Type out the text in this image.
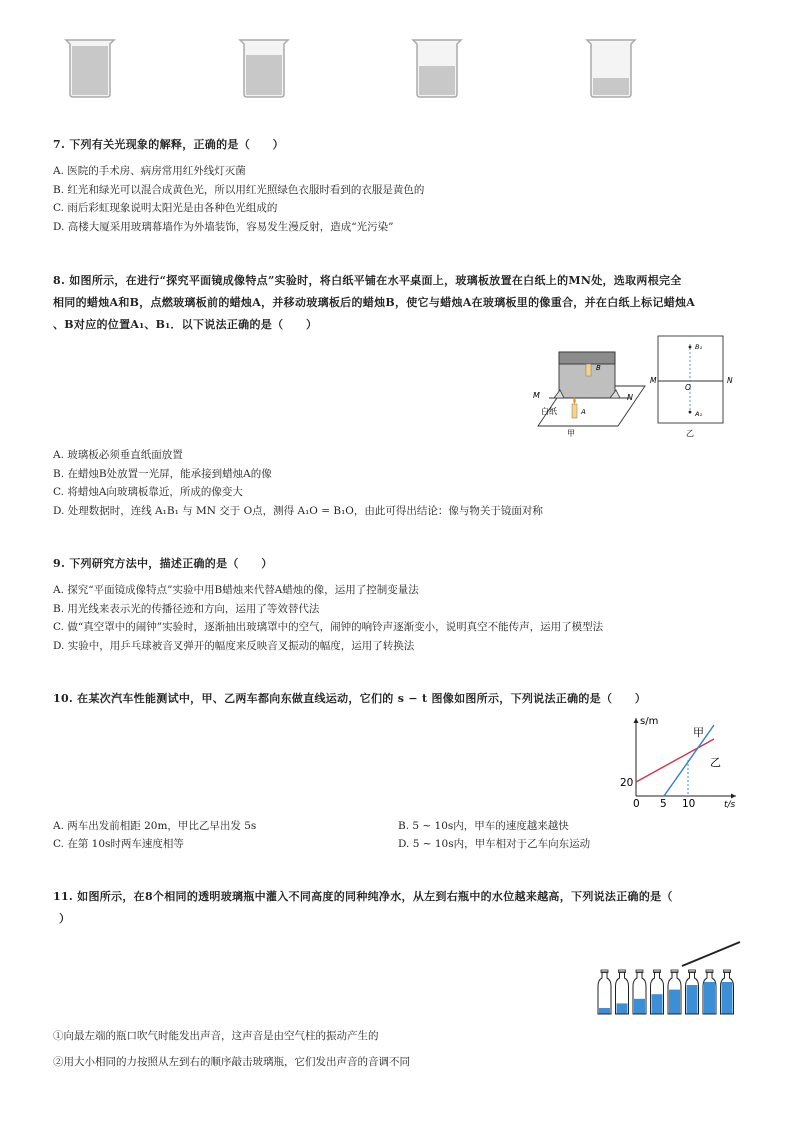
7. 下列有关光现象的解释，正确的是（　　）
A. 医院的手术房、病房常用红外线灯灭菌
B. 红光和绿光可以混合成黄色光，所以用红光照绿色衣服时看到的衣服是黄色的
C. 雨后彩虹现象说明太阳光是由各种色光组成的
D. 高楼大厦采用玻璃幕墙作为外墙装饰，容易发生漫反射，造成“光污染”
8. 如图所示，在进行“探究平面镜成像特点”实验时，将白纸平铺在水平桌面上，玻璃板放置在白纸上的MN处，选取两根完全
相同的蜡烛A和B，点燃玻璃板前的蜡烛A，并移动玻璃板后的蜡烛B，使它与蜡烛A在玻璃板里的像重合，并在白纸上标记蜡烛A
、B对应的位置A₁、B₁．以下说法正确的是（　　）
M	N
B
A
白纸
甲
B₁
O
A₁
M	N
乙
A. 玻璃板必须垂直纸面放置
B. 在蜡烛B处放置一光屏，能承接到蜡烛A的像
C. 将蜡烛A向玻璃板靠近，所成的像变大
D. 处理数据时，连线 A₁B₁ 与 MN 交于 O点，测得 A₁O = B₁O，由此可得出结论：像与物关于镜面对称
9. 下列研究方法中，描述正确的是（　　）
A. 探究“平面镜成像特点”实验中用B蜡烛来代替A蜡烛的像，运用了控制变量法
B. 用光线来表示光的传播径迹和方向，运用了等效替代法
C. 做“真空罩中的闹钟”实验时，逐渐抽出玻璃罩中的空气，闹钟的响铃声逐渐变小，说明真空不能传声，运用了模型法
D. 实验中，用乒乓球被音叉弹开的幅度来反映音叉振动的幅度，运用了转换法
10. 在某次汽车性能测试中，甲、乙两车都向东做直线运动，它们的 s − t 图像如图所示，下列说法正确的是（　　）
s/m
t/s
甲
乙
20
0 5 10
A. 两车出发前相距 20m，甲比乙早出发 5s	B. 5 ∼ 10s内，甲车的速度越来越快
C. 在第 10s时两车速度相等	D. 5 ∼ 10s内，甲车相对于乙车向东运动
11. 如图所示，在8个相同的透明玻璃瓶中灌入不同高度的同种纯净水，从左到右瓶中的水位越来越高，下列说法正确的是（
）
①向最左端的瓶口吹气时能发出声音，这声音是由空气柱的振动产生的
②用大小相同的力按照从左到右的顺序敲击玻璃瓶，它们发出声音的音调不同
